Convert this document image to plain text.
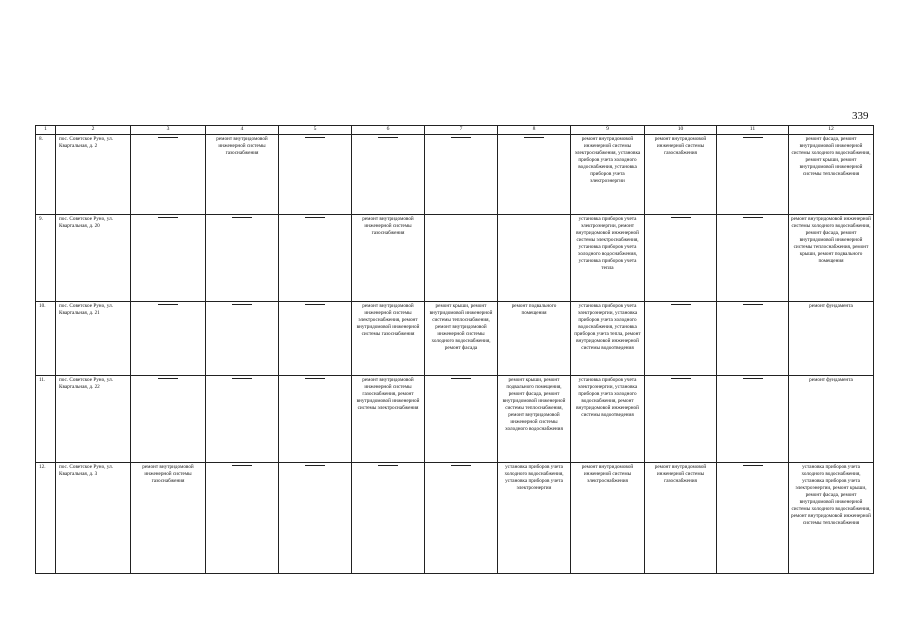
339
1	2	3	4	5	6	7	8	9	10	11	12
8.	пос. Советское Руно, ул. Квартальная, д. 2		ремонт внутридомовой инженерной системы газоснабжения					ремонт внутридомовой инженерной системы электроснабжения, установка приборов учета холодного водоснабжения, установка приборов учета электроэнергии	ремонт внутридомовой инженерной системы газоснабжения		ремонт фасада, ремонт внутридомовой инженерной системы холодного водоснабжения, ремонт крыши, ремонт внутридомовой инженерной системы теплоснабжения
9.	пос. Советское Руно, ул. Квартальная, д. 20				ремонт внутридомовой инженерной системы газоснабжения			установка приборов учета электроэнергии, ремонт внутридомовой инженерной системы электроснабжения, установка приборов учета холодного водоснабжения, установка приборов учета тепла			ремонт внутридомовой инженерной системы холодного водоснабжения, ремонт фасада, ремонт внутридомовой инженерной системы теплоснабжения, ремонт крыши, ремонт подвального помещения
10.	пос. Советское Руно, ул. Квартальная, д. 21				ремонт внутридомовой инженерной системы электроснабжения, ремонт внутридомовой инженерной системы газоснабжения	ремонт крыши, ремонт внутридомовой инженерной системы теплоснабжения, ремонт внутридомовой инженерной системы холодного водоснабжения, ремонт фасада	ремонт подвального помещения	установка приборов учета электроэнергии, установка приборов учета холодного водоснабжения, установка приборов учета тепла, ремонт внутридомовой инженерной системы водоотведения			ремонт фундамента
11.	пос. Советское Руно, ул. Квартальная, д. 22				ремонт внутридомовой инженерной системы газоснабжения, ремонт внутридомовой инженерной системы электроснабжения		ремонт крыши, ремонт подвального помещения, ремонт фасада, ремонт внутридомовой инженерной системы теплоснабжения, ремонт внутридомовой инженерной системы холодного водоснабжения	установка приборов учета электроэнергии, установка приборов учета холодного водоснабжения, ремонт внутридомовой инженерной системы водоотведения			ремонт фундамента
12.	пос. Советское Руно, ул. Квартальная, д. 3	ремонт внутридомовой инженерной системы газоснабжения					установка приборов учета холодного водоснабжения, установка приборов учета электроэнергии	ремонт внутридомовой инженерной системы электроснабжения	ремонт внутридомовой инженерной системы газоснабжения		установка приборов учета холодного водоснабжения, установка приборов учета электроэнергии, ремонт крыши, ремонт фасада, ремонт внутридомовой инженерной системы холодного водоснабжения, ремонт внутридомовой инженерной системы теплоснабжения
